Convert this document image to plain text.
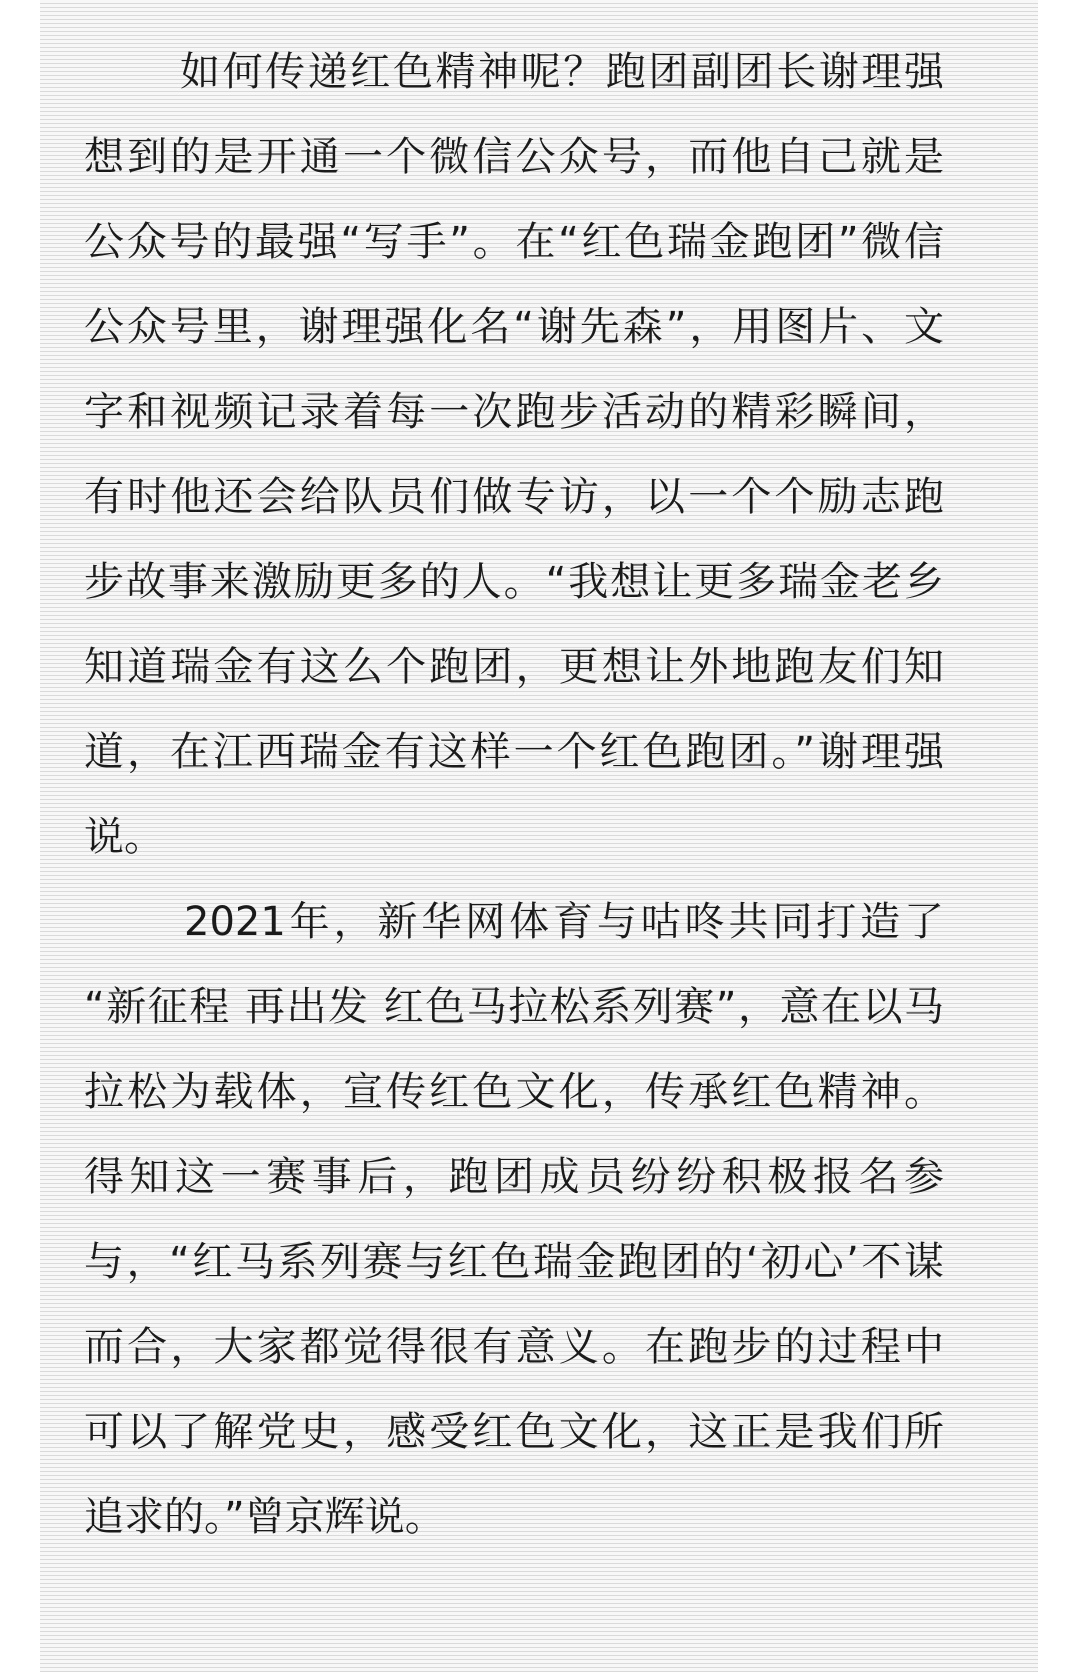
如何传递红色精神呢？跑团副团长谢理强
想到的是开通一个微信公众号，而他自己就是
公众号的最强“写手”。在“红色瑞金跑团”微信
公众号里，谢理强化名“谢先森”，用图片、文
字和视频记录着每一次跑步活动的精彩瞬间，
有时他还会给队员们做专访，以一个个励志跑
步故事来激励更多的人。“我想让更多瑞金老乡
知道瑞金有这么个跑团，更想让外地跑友们知
道，在江西瑞金有这样一个红色跑团。”谢理强
说。
2021年，新华网体育与咕咚共同打造了
“新征程 再出发 红色马拉松系列赛”，意在以马
拉松为载体，宣传红色文化，传承红色精神。
得知这一赛事后，跑团成员纷纷积极报名参
与，“红马系列赛与红色瑞金跑团的‘初心’不谋
而合，大家都觉得很有意义。在跑步的过程中
可以了解党史，感受红色文化，这正是我们所
追求的。”曾京辉说。
